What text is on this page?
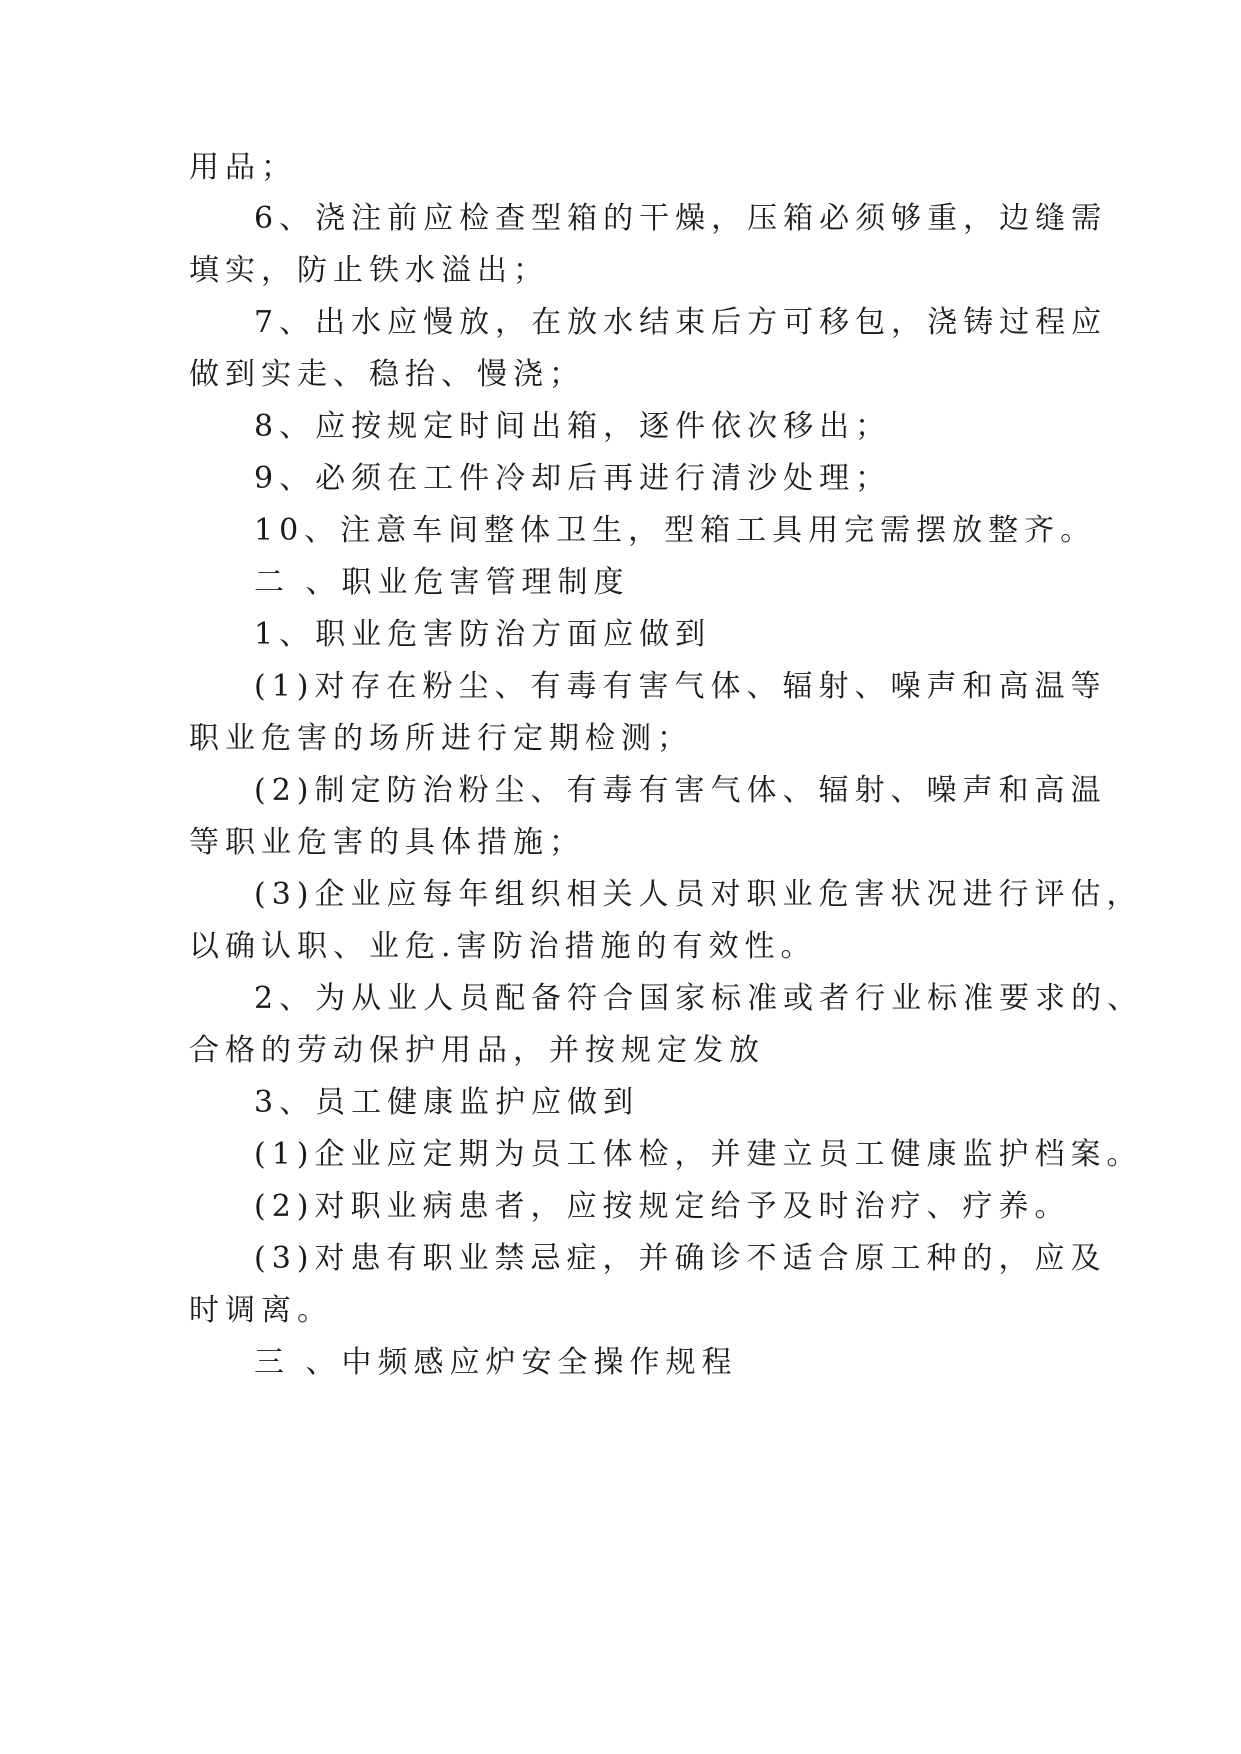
用品；
6、浇注前应检查型箱的干燥，压箱必须够重，边缝需
填实，防止铁水溢出；
7、出水应慢放，在放水结束后方可移包，浇铸过程应
做到实走、稳抬、慢浇；
8、应按规定时间出箱，逐件依次移出；
9、必须在工件冷却后再进行清沙处理；
10、注意车间整体卫生，型箱工具用完需摆放整齐。
二 、职业危害管理制度
1、职业危害防治方面应做到
(1)对存在粉尘、有毒有害气体、辐射、噪声和高温等
职业危害的场所进行定期检测；
(2)制定防治粉尘、有毒有害气体、辐射、噪声和高温
等职业危害的具体措施；
(3)企业应每年组织相关人员对职业危害状况进行评估，
以确认职、业危.害防治措施的有效性。
2、为从业人员配备符合国家标准或者行业标准要求的、
合格的劳动保护用品，并按规定发放
3、员工健康监护应做到
(1)企业应定期为员工体检，并建立员工健康监护档案。
(2)对职业病患者，应按规定给予及时治疗、疗养。
(3)对患有职业禁忌症，并确诊不适合原工种的，应及
时调离。
三 、中频感应炉安全操作规程
